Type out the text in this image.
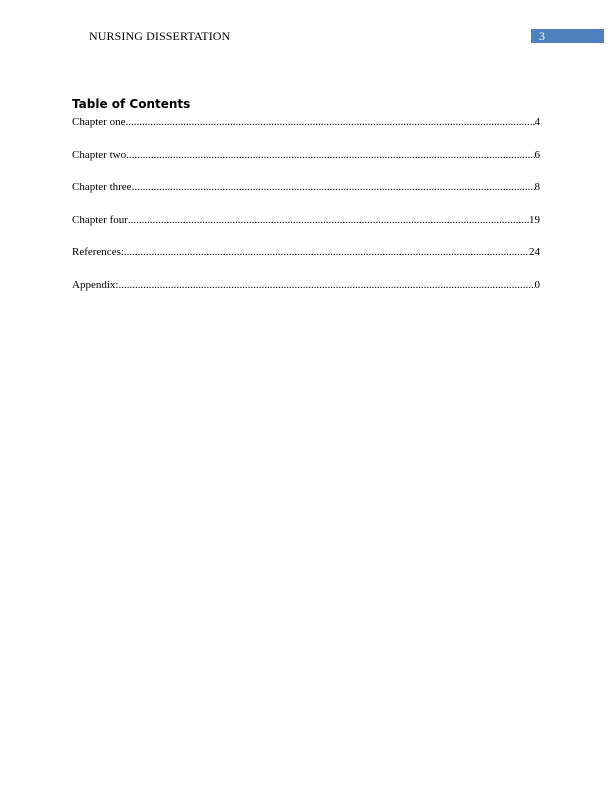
NURSING DISSERTATION	3
Table of Contents
Chapter one .....	4
Chapter two .....	6
Chapter three .....	8
Chapter four .....	19
References: .....	24
Appendix: .....	0
